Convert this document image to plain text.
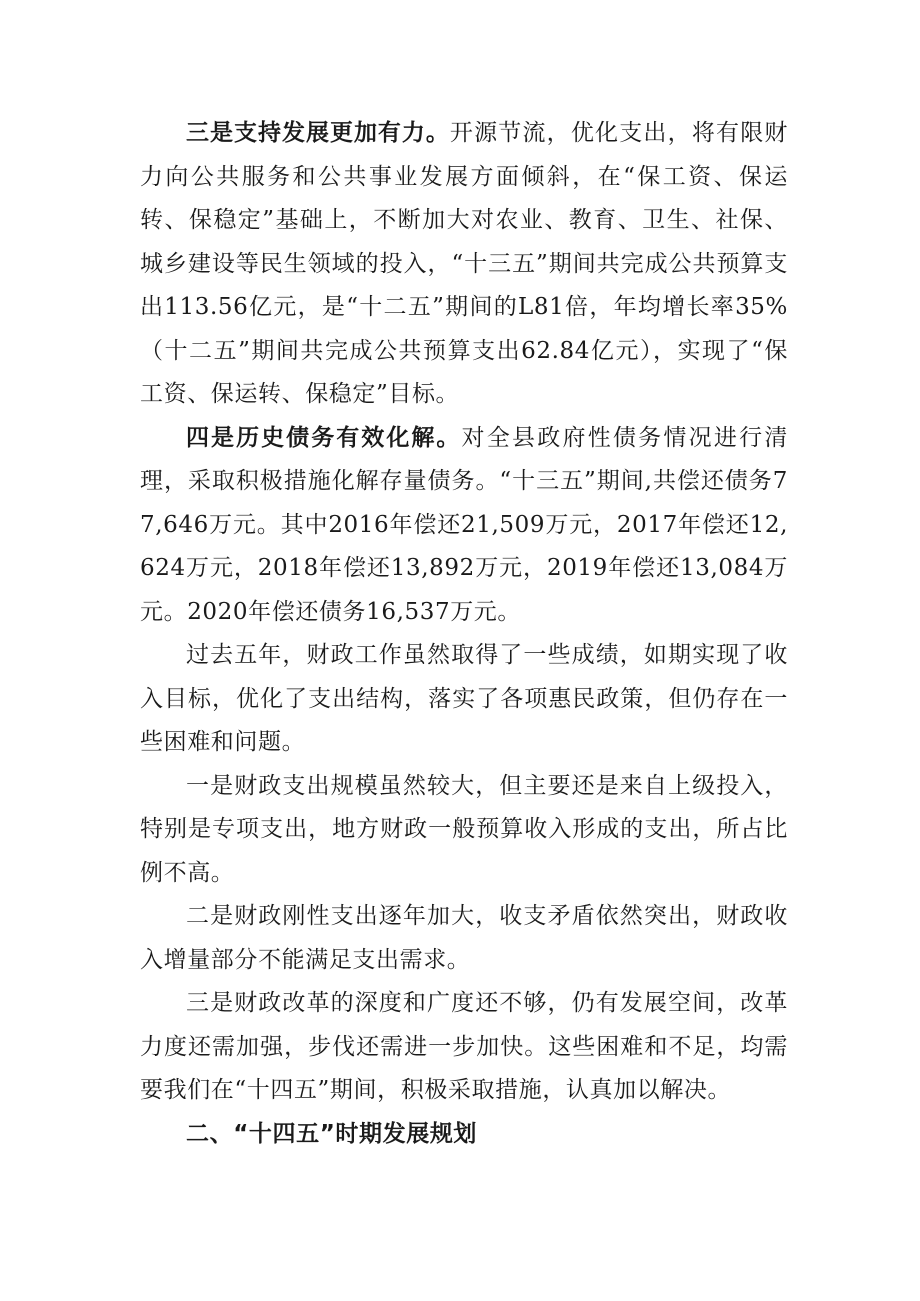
三是支持发展更加有力。开源节流，优化支出，将有限财力向公共服务和公共事业发展方面倾斜，在“保工资、保运转、保稳定”基础上，不断加大对农业、教育、卫生、社保、城乡建设等民生领域的投入，“十三五”期间共完成公共预算支出113.56亿元，是“十二五”期间的L81倍，年均增长率35%（十二五”期间共完成公共预算支出62.84亿元），实现了“保工资、保运转、保稳定”目标。

四是历史债务有效化解。对全县政府性债务情况进行清理，采取积极措施化解存量债务。“十三五”期间,共偿还债务77,646万元。其中2016年偿还21,509万元，2017年偿还12,624万元，2018年偿还13,892万元，2019年偿还13,084万元。2020年偿还债务16,537万元。

过去五年，财政工作虽然取得了一些成绩，如期实现了收入目标，优化了支出结构，落实了各项惠民政策，但仍存在一些困难和问题。

一是财政支出规模虽然较大，但主要还是来自上级投入，特别是专项支出，地方财政一般预算收入形成的支出，所占比例不高。

二是财政刚性支出逐年加大，收支矛盾依然突出，财政收入增量部分不能满足支出需求。

三是财政改革的深度和广度还不够，仍有发展空间，改革力度还需加强，步伐还需进一步加快。这些困难和不足，均需要我们在“十四五”期间，积极采取措施，认真加以解决。

二、“十四五”时期发展规划
